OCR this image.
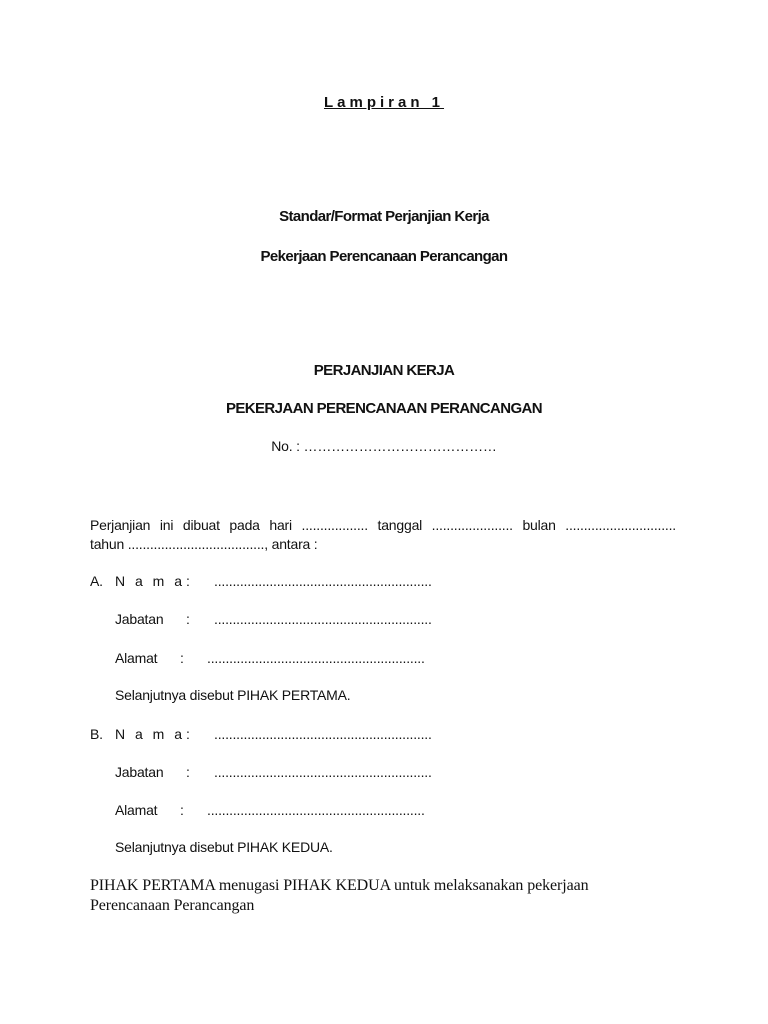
Lampiran 1
Standar/Format Perjanjian Kerja
Pekerjaan Perencanaan Perancangan
PERJANJIAN KERJA
PEKERJAAN PERENCANAAN PERANCANGAN
No. : ……………………………………
Perjanjian ini dibuat pada hari .................. tanggal ...................... bulan ..............................
tahun ....................................., antara :
A. N a m a : ...........................................................
Jabatan : ...........................................................
Alamat : ...........................................................
Selanjutnya disebut PIHAK PERTAMA.
B. N a m a : ...........................................................
Jabatan : ...........................................................
Alamat : ...........................................................
Selanjutnya disebut PIHAK KEDUA.
PIHAK PERTAMA menugasi PIHAK KEDUA untuk melaksanakan pekerjaan Perencanaan Perancangan
